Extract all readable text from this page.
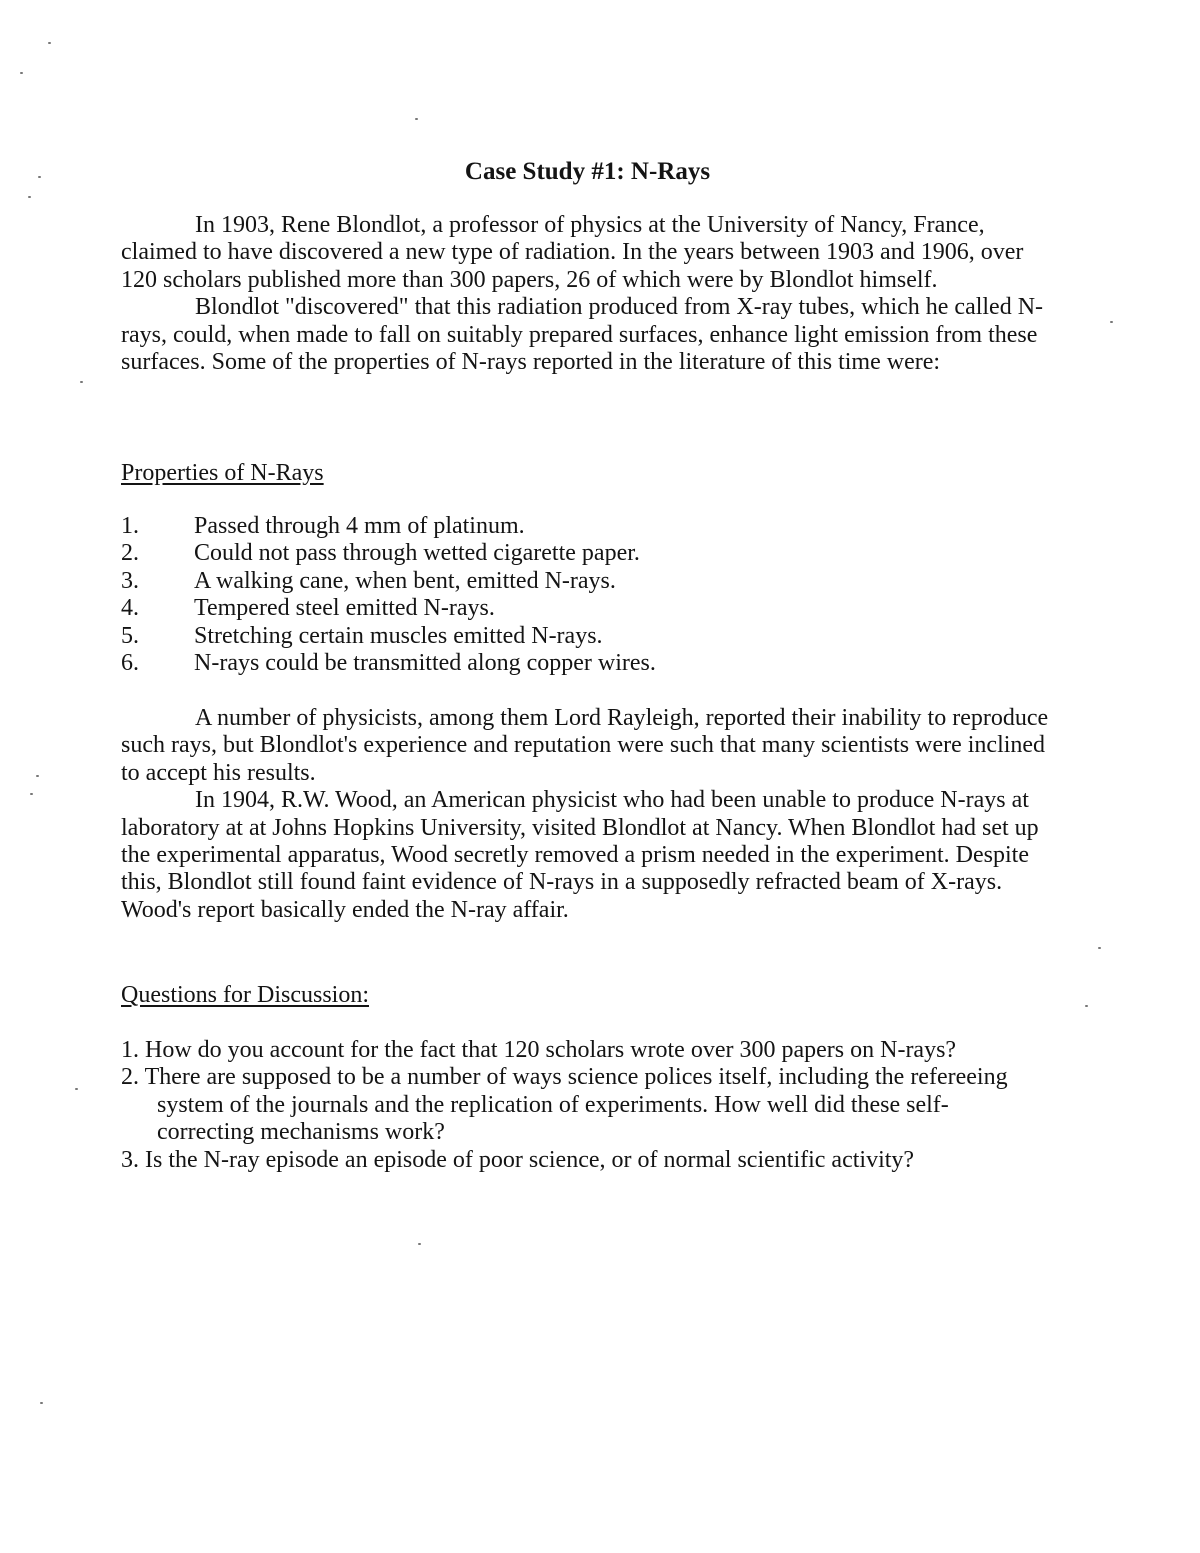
Case Study #1: N-Rays

In 1903, Rene Blondlot, a professor of physics at the University of Nancy, France, claimed to have discovered a new type of radiation. In the years between 1903 and 1906, over 120 scholars published more than 300 papers, 26 of which were by Blondlot himself.

Blondlot "discovered" that this radiation produced from X-ray tubes, which he called N-rays, could, when made to fall on suitably prepared surfaces, enhance light emission from these surfaces. Some of the properties of N-rays reported in the literature of this time were:

Properties of N-Rays
1.	Passed through 4 mm of platinum.
2.	Could not pass through wetted cigarette paper.
3.	A walking cane, when bent, emitted N-rays.
4.	Tempered steel emitted N-rays.
5.	Stretching certain muscles emitted N-rays.
6.	N-rays could be transmitted along copper wires.

A number of physicists, among them Lord Rayleigh, reported their inability to reproduce such rays, but Blondlot's experience and reputation were such that many scientists were inclined to accept his results.

In 1904, R.W. Wood, an American physicist who had been unable to produce N-rays at laboratory at at Johns Hopkins University, visited Blondlot at Nancy. When Blondlot had set up the experimental apparatus, Wood secretly removed a prism needed in the experiment. Despite this, Blondlot still found faint evidence of N-rays in a supposedly refracted beam of X-rays. Wood's report basically ended the N-ray affair.

Questions for Discussion:
1. How do you account for the fact that 120 scholars wrote over 300 papers on N-rays?
2. There are supposed to be a number of ways science polices itself, including the refereeing system of the journals and the replication of experiments. How well did these self-correcting mechanisms work?
3. Is the N-ray episode an episode of poor science, or of normal scientific activity?
